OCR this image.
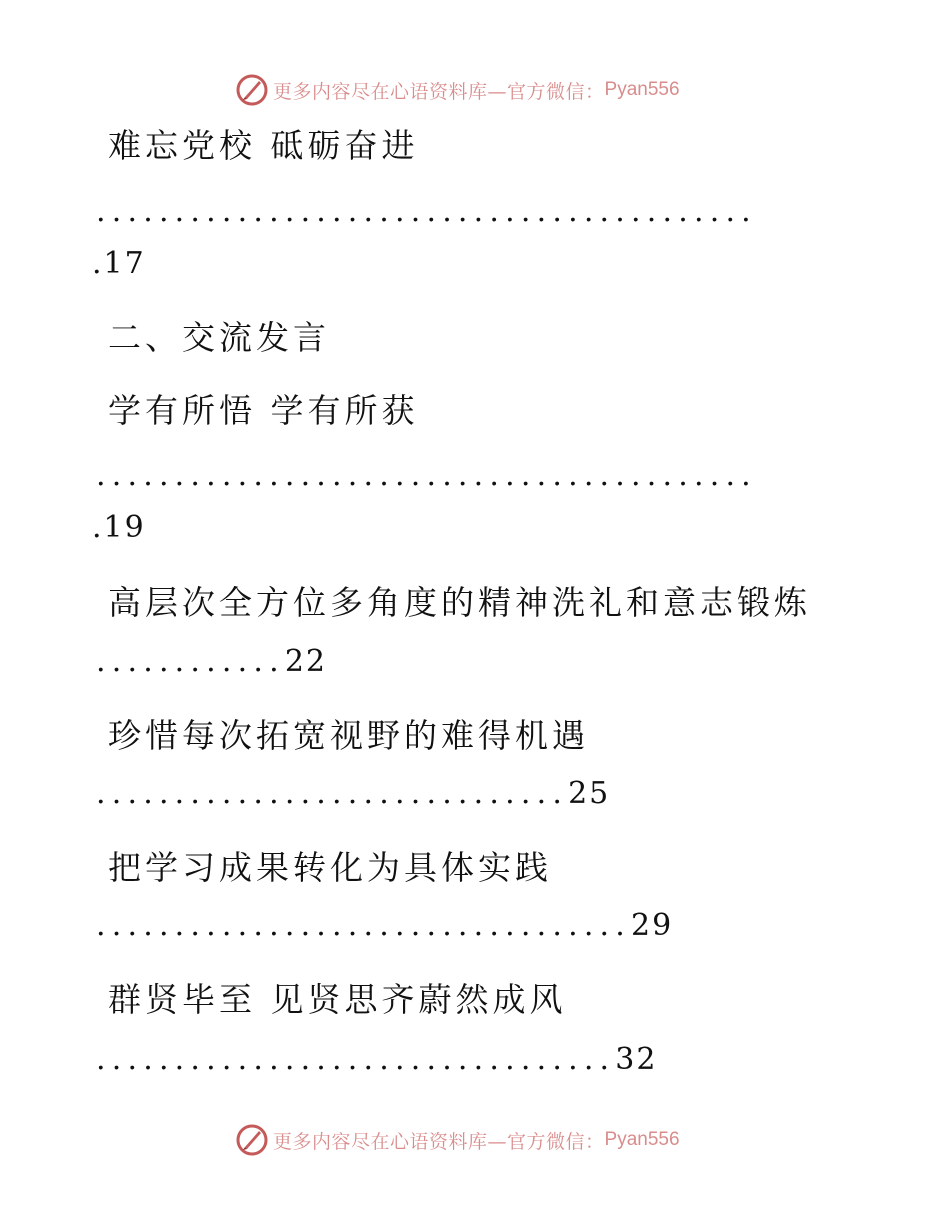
更多内容尽在心语资料库—官方微信： Pyan556
难忘党校 砥砺奋进
..........................................
.17
二、交流发言
学有所悟 学有所获
..........................................
.19
高层次全方位多角度的精神洗礼和意志锻炼
............22
珍惜每次拓宽视野的难得机遇
..............................25
把学习成果转化为具体实践
..................................29
群贤毕至 见贤思齐蔚然成风
.................................32
更多内容尽在心语资料库—官方微信： Pyan556
